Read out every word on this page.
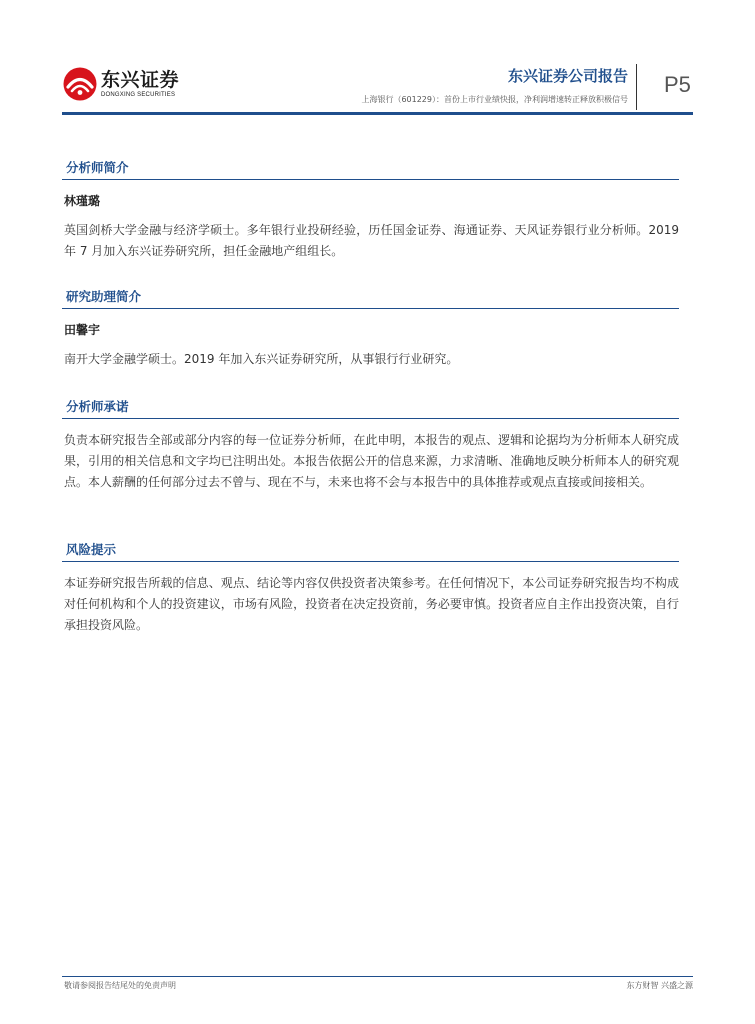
东兴证券
DONGXING SECURITIES
东兴证券公司报告
上海银行（601229）：首份上市行业绩快报，净利润增速转正释放积极信号
P5
分析师简介
林瑾璐
英国剑桥大学金融与经济学硕士。多年银行业投研经验，历任国金证券、海通证券、天风证券银行业分析师。2019 年 7 月加入东兴证券研究所，担任金融地产组组长。
研究助理简介
田馨宇
南开大学金融学硕士。2019 年加入东兴证券研究所，从事银行行业研究。
分析师承诺
负责本研究报告全部或部分内容的每一位证券分析师，在此申明，本报告的观点、逻辑和论据均为分析师本人研究成果，引用的相关信息和文字均已注明出处。本报告依据公开的信息来源，力求清晰、准确地反映分析师本人的研究观点。本人薪酬的任何部分过去不曾与、现在不与，未来也将不会与本报告中的具体推荐或观点直接或间接相关。
风险提示
本证券研究报告所载的信息、观点、结论等内容仅供投资者决策参考。在任何情况下，本公司证券研究报告均不构成对任何机构和个人的投资建议，市场有风险，投资者在决定投资前，务必要审慎。投资者应自主作出投资决策，自行承担投资风险。
敬请参阅报告结尾处的免责声明	东方财智 兴盛之源
